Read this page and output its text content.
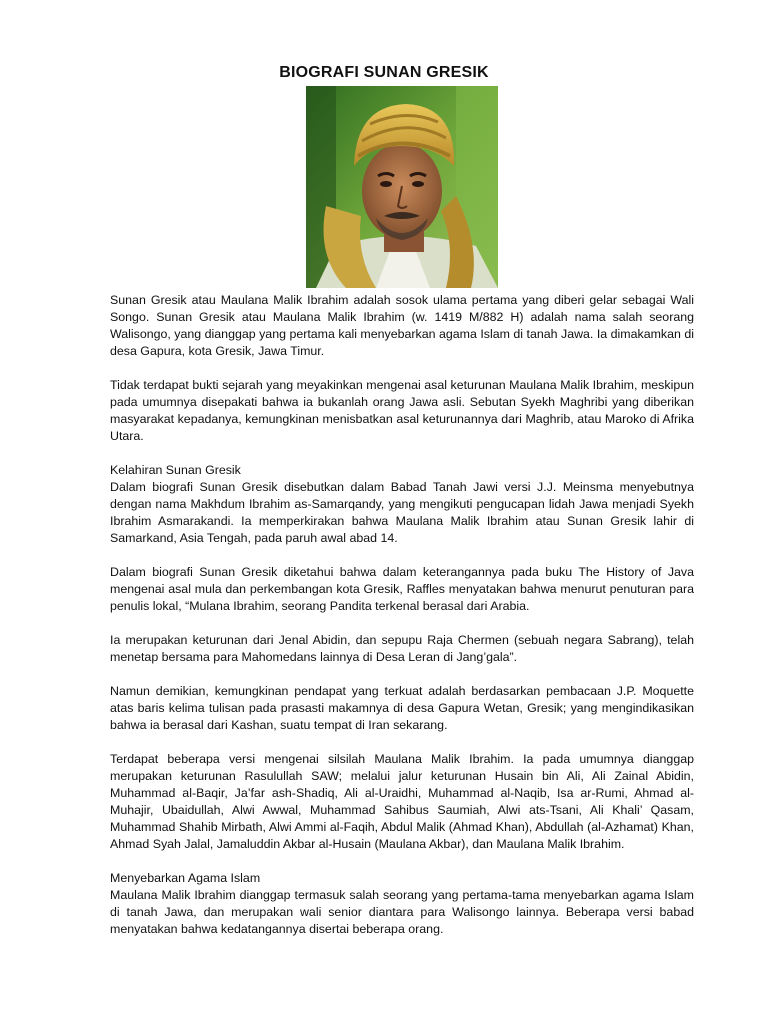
BIOGRAFI SUNAN GRESIK

Sunan Gresik atau Maulana Malik Ibrahim adalah sosok ulama pertama yang diberi gelar sebagai Wali Songo. Sunan Gresik atau Maulana Malik Ibrahim (w. 1419 M/882 H) adalah nama salah seorang Walisongo, yang dianggap yang pertama kali menyebarkan agama Islam di tanah Jawa. Ia dimakamkan di desa Gapura, kota Gresik, Jawa Timur.

Tidak terdapat bukti sejarah yang meyakinkan mengenai asal keturunan Maulana Malik Ibrahim, meskipun pada umumnya disepakati bahwa ia bukanlah orang Jawa asli. Sebutan Syekh Maghribi yang diberikan masyarakat kepadanya, kemungkinan menisbatkan asal keturunannya dari Maghrib, atau Maroko di Afrika Utara.

Kelahiran Sunan Gresik

Dalam biografi Sunan Gresik disebutkan dalam Babad Tanah Jawi versi J.J. Meinsma menyebutnya dengan nama Makhdum Ibrahim as-Samarqandy, yang mengikuti pengucapan lidah Jawa menjadi Syekh Ibrahim Asmarakandi. Ia memperkirakan bahwa Maulana Malik Ibrahim atau Sunan Gresik lahir di Samarkand, Asia Tengah, pada paruh awal abad 14.

Dalam biografi Sunan Gresik diketahui bahwa dalam keterangannya pada buku The History of Java mengenai asal mula dan perkembangan kota Gresik, Raffles menyatakan bahwa menurut penuturan para penulis lokal, “Mulana Ibrahim, seorang Pandita terkenal berasal dari Arabia.

Ia merupakan keturunan dari Jenal Abidin, dan sepupu Raja Chermen (sebuah negara Sabrang), telah menetap bersama para Mahomedans lainnya di Desa Leran di Jang’gala”.

Namun demikian, kemungkinan pendapat yang terkuat adalah berdasarkan pembacaan J.P. Moquette atas baris kelima tulisan pada prasasti makamnya di desa Gapura Wetan, Gresik; yang mengindikasikan bahwa ia berasal dari Kashan, suatu tempat di Iran sekarang.

Terdapat beberapa versi mengenai silsilah Maulana Malik Ibrahim. Ia pada umumnya dianggap merupakan keturunan Rasulullah SAW; melalui jalur keturunan Husain bin Ali, Ali Zainal Abidin, Muhammad al-Baqir, Ja’far ash-Shadiq, Ali al-Uraidhi, Muhammad al-Naqib, Isa ar-Rumi, Ahmad al-Muhajir, Ubaidullah, Alwi Awwal, Muhammad Sahibus Saumiah, Alwi ats-Tsani, Ali Khali’ Qasam, Muhammad Shahib Mirbath, Alwi Ammi al-Faqih, Abdul Malik (Ahmad Khan), Abdullah (al-Azhamat) Khan, Ahmad Syah Jalal, Jamaluddin Akbar al-Husain (Maulana Akbar), dan Maulana Malik Ibrahim.

Menyebarkan Agama Islam

Maulana Malik Ibrahim dianggap termasuk salah seorang yang pertama-tama menyebarkan agama Islam di tanah Jawa, dan merupakan wali senior diantara para Walisongo lainnya. Beberapa versi babad menyatakan bahwa kedatangannya disertai beberapa orang.
